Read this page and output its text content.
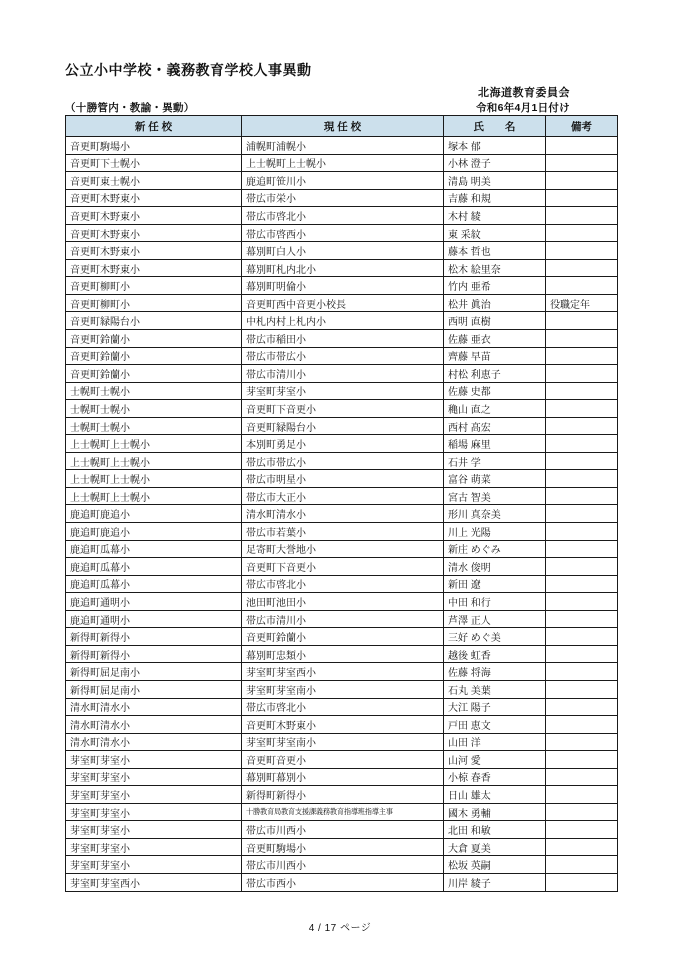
公立小中学校・義務教育学校人事異動
北海道教育委員会
（十勝管内・教諭・異動）	令和6年4月1日付け
新 任 校	現 任 校	氏　　名	備考
音更町駒場小	浦幌町浦幌小	塚本 郁	
音更町下士幌小	上士幌町上士幌小	小林 澄子	
音更町東士幌小	鹿追町笹川小	清島 明美	
音更町木野東小	帯広市栄小	吉藤 和規	
音更町木野東小	帯広市啓北小	木村 綾	
音更町木野東小	帯広市啓西小	東 采紋	
音更町木野東小	幕別町白人小	藤本 哲也	
音更町木野東小	幕別町札内北小	松木 絵里奈	
音更町柳町小	幕別町明倫小	竹内 亜希	
音更町柳町小	音更町西中音更小校長	松井 眞治	役職定年
音更町緑陽台小	中札内村上札内小	西明 直樹	
音更町鈴蘭小	帯広市稲田小	佐藤 亜衣	
音更町鈴蘭小	帯広市帯広小	齊藤 早苗	
音更町鈴蘭小	帯広市清川小	村松 利恵子	
士幌町士幌小	芽室町芽室小	佐藤 史都	
士幌町士幌小	音更町下音更小	穐山 直之	
士幌町士幌小	音更町緑陽台小	西村 髙宏	
上士幌町上士幌小	本別町勇足小	稲場 麻里	
上士幌町上士幌小	帯広市帯広小	石井 学	
上士幌町上士幌小	帯広市明星小	富谷 萌菜	
上士幌町上士幌小	帯広市大正小	宮古 智美	
鹿追町鹿追小	清水町清水小	形川 真奈美	
鹿追町鹿追小	帯広市若葉小	川上 光陽	
鹿追町瓜幕小	足寄町大誉地小	新庄 めぐみ	
鹿追町瓜幕小	音更町下音更小	清水 俊明	
鹿追町瓜幕小	帯広市啓北小	新田 遼	
鹿追町通明小	池田町池田小	中田 和行	
鹿追町通明小	帯広市清川小	芦澤 正人	
新得町新得小	音更町鈴蘭小	三好 めぐ美	
新得町新得小	幕別町忠類小	越後 虹香	
新得町屈足南小	芽室町芽室西小	佐藤 将海	
新得町屈足南小	芽室町芽室南小	石丸 美葉	
清水町清水小	帯広市啓北小	大江 陽子	
清水町清水小	音更町木野東小	戸田 恵文	
清水町清水小	芽室町芽室南小	山田 洋	
芽室町芽室小	音更町音更小	山河 愛	
芽室町芽室小	幕別町幕別小	小椋 春香	
芽室町芽室小	新得町新得小	日山 雄太	
芽室町芽室小	十勝教育局教育支援課義務教育指導班指導主事	國木 勇輔	
芽室町芽室小	帯広市川西小	北田 和敏	
芽室町芽室小	音更町駒場小	大倉 夏美	
芽室町芽室小	帯広市川西小	松坂 英嗣	
芽室町芽室西小	帯広市西小	川岸 綾子	
4 / 17 ページ
